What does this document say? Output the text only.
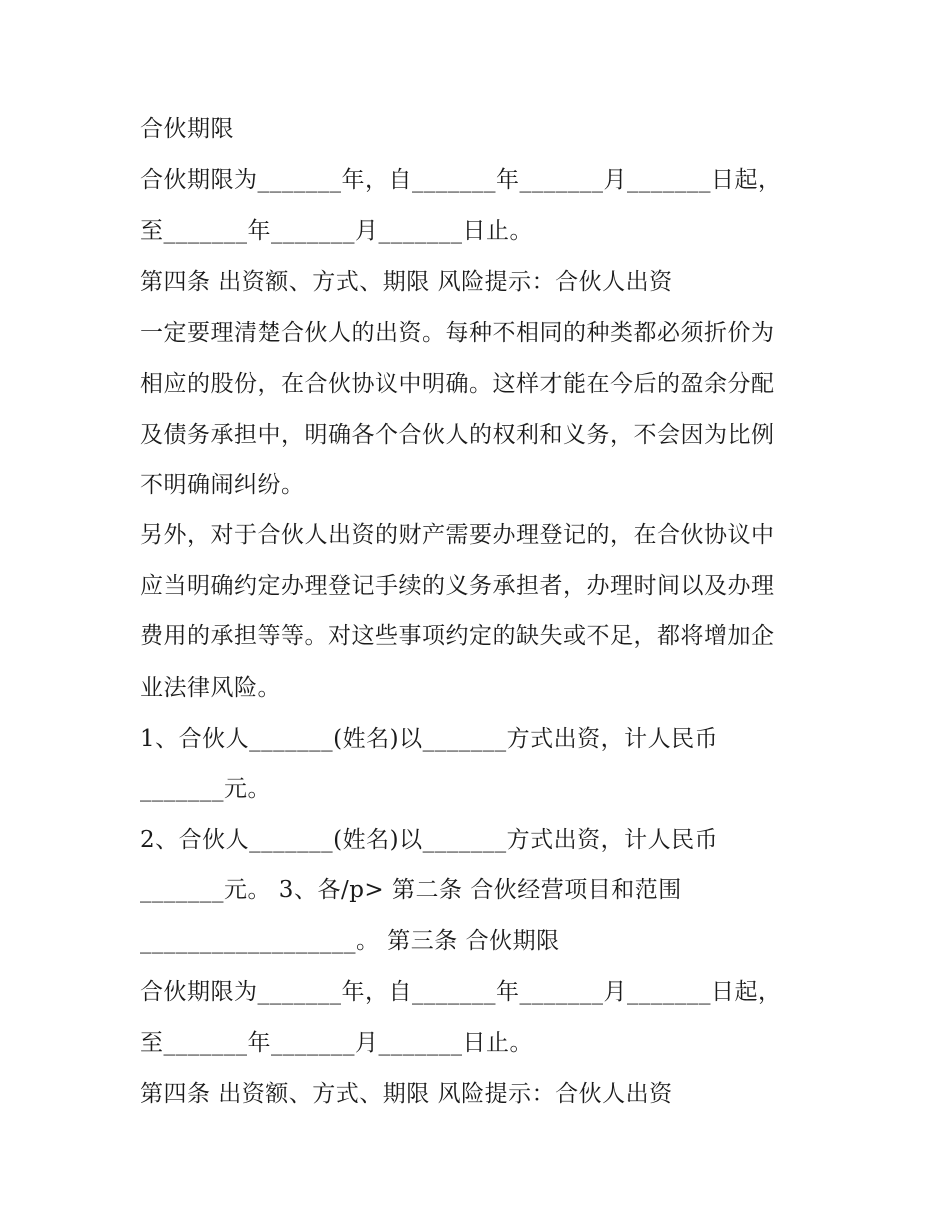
合伙期限
合伙期限为_______年，自_______年_______月_______日起，
至_______年_______月_______日止。
第四条 出资额、方式、期限 风险提示：合伙人出资
一定要理清楚合伙人的出资。每种不相同的种类都必须折价为
相应的股份，在合伙协议中明确。这样才能在今后的盈余分配
及债务承担中，明确各个合伙人的权利和义务，不会因为比例
不明确闹纠纷。
另外，对于合伙人出资的财产需要办理登记的，在合伙协议中
应当明确约定办理登记手续的义务承担者，办理时间以及办理
费用的承担等等。对这些事项约定的缺失或不足，都将增加企
业法律风险。
1、合伙人_______(姓名)以_______方式出资，计人民币
_______元。
2、合伙人_______(姓名)以_______方式出资，计人民币
_______元。 3、各/p> 第二条 合伙经营项目和范围
__________________。 第三条 合伙期限
合伙期限为_______年，自_______年_______月_______日起，
至_______年_______月_______日止。
第四条 出资额、方式、期限 风险提示：合伙人出资
